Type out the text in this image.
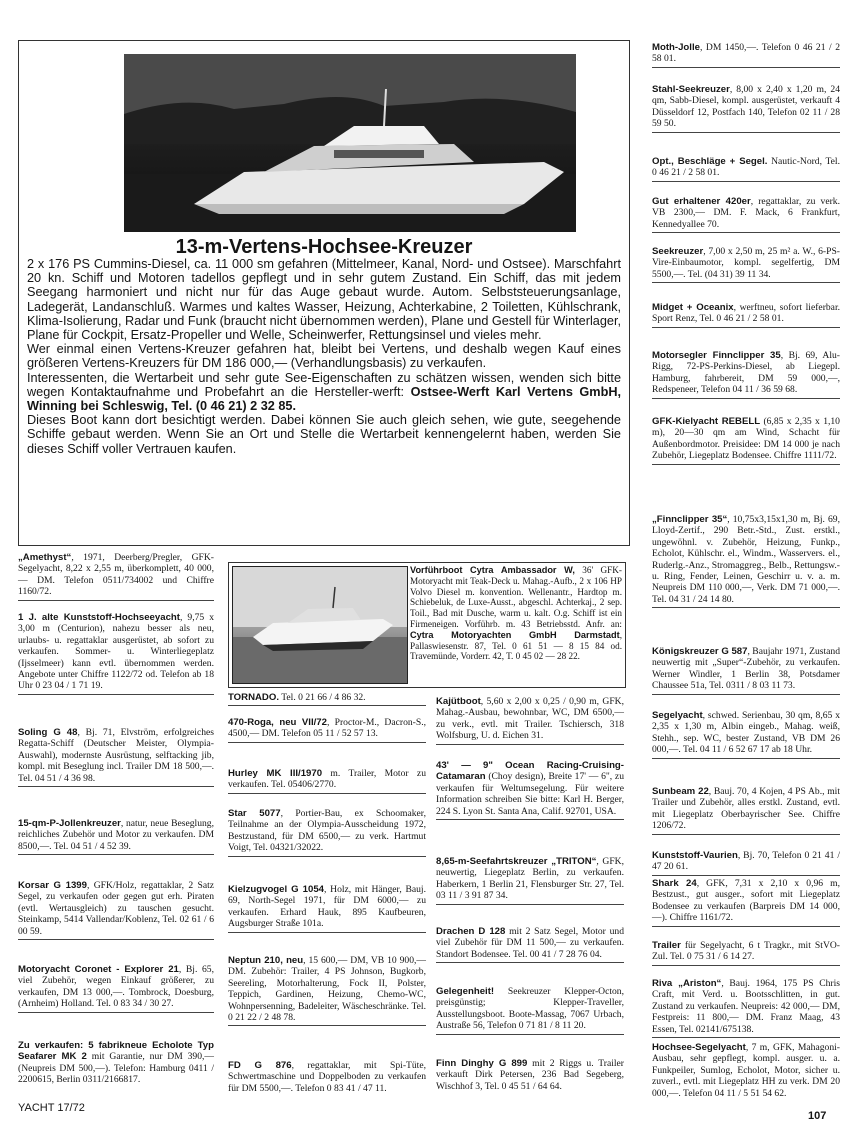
13-m-Vertens-Hochsee-Kreuzer

2 x 176 PS Cummins-Diesel, ca. 11 000 sm gefahren (Mittelmeer, Kanal, Nord- und Ostsee). Marschfahrt 20 kn. Schiff und Motoren tadellos gepflegt und in sehr gutem Zustand. Ein Schiff, das mit jedem Seegang harmoniert und nicht nur für das Auge gebaut wurde. Autom. Selbststeuerungsanlage, Ladegerät, Landanschluß. Warmes und kaltes Wasser, Heizung, Achterkabine, 2 Toiletten, Kühlschrank, Klima-Isolierung, Radar und Funk (braucht nicht übernommen werden), Plane und Gestell für Winterlager, Plane für Cockpit, Ersatz-Propeller und Welle, Scheinwerfer, Rettungsinsel und vieles mehr.

Wer einmal einen Vertens-Kreuzer gefahren hat, bleibt bei Vertens, und deshalb wegen Kauf eines größeren Vertens-Kreuzers für DM 186 000,— (Verhandlungsbasis) zu verkaufen.

Interessenten, die Wertarbeit und sehr gute See-Eigenschaften zu schätzen wissen, wenden sich bitte wegen Kontaktaufnahme und Probefahrt an die Hersteller-werft: Ostsee-Werft Karl Vertens GmbH, Winning bei Schleswig, Tel. (0 46 21) 2 32 85.

Dieses Boot kann dort besichtigt werden. Dabei können Sie auch gleich sehen, wie gute, seegehende Schiffe gebaut werden. Wenn Sie an Ort und Stelle die Wertarbeit kennengelernt haben, werden Sie dieses Schiff voller Vertrauen kaufen.

„Amethyst“, 1971, Deerberg/Pregler, GFK-Segelyacht, 8,22 x 2,55 m, überkomplett, 40 000,— DM. Telefon 0511/734002 und Chiffre 1160/72.
1 J. alte Kunststoff-Hochseeyacht, 9,75 x 3,00 m (Centurion), nahezu besser als neu, urlaubs- u. regattaklar ausgerüstet, ab sofort zu verkaufen. Sommer- u. Winterliegeplatz (Ijsselmeer) kann evtl. übernommen werden. Angebote unter Chiffre 1122/72 od. Telefon ab 18 Uhr 0 23 04 / 1 71 19.
Soling G 48, Bj. 71, Elvström, erfolgreiches Regatta-Schiff (Deutscher Meister, Olympia-Auswahl), modernste Ausrüstung, selftacking jib, kompl. mit Beseglung incl. Trailer DM 18 500,—. Tel. 04 51 / 4 36 98.
15-qm-P-Jollenkreuzer, natur, neue Beseglung, reichliches Zubehör und Motor zu verkaufen. DM 8500,—. Tel. 04 51 / 4 52 39.
Korsar G 1399, GFK/Holz, regattaklar, 2 Satz Segel, zu verkaufen oder gegen gut erh. Piraten (evtl. Wertausgleich) zu tauschen gesucht. Steinkamp, 5414 Vallendar/Koblenz, Tel. 02 61 / 6 00 59.
Motoryacht Coronet - Explorer 21, Bj. 65, viel Zubehör, wegen Einkauf größerer, zu verkaufen, DM 13 000,—. Tombrock, Doesburg, (Arnheim) Holland. Tel. 0 83 34 / 30 27.
Zu verkaufen: 5 fabrikneue Echolote Typ Seafarer MK 2 mit Garantie, nur DM 390,— (Neupreis DM 500,—). Telefon: Hamburg 0411 / 2200615, Berlin 0311/2166817.
Vorführboot Cytra Ambassador W, 36' GFK-Motoryacht mit Teak-Deck u. Mahag.-Aufb., 2 x 106 HP Volvo Diesel m. konvention. Wellenantr., Hardtop m. Schiebeluk, de Luxe-Ausst., abgeschl. Achterkaj., 2 sep. Toil., Bad mit Dusche, warm u. kalt. O.g. Schiff ist ein Firmeneigen. Vorführb. m. 43 Betriebsstd. Anfr. an: Cytra Motoryachten GmbH Darmstadt, Pallaswiesenstr. 87, Tel. 0 61 51 — 8 15 84 od. Travemünde, Vorderr. 42, T. 0 45 02 — 28 22.
TORNADO. Tel. 0 21 66 / 4 86 32.
470-Roga, neu VII/72, Proctor-M., Dacron-S., 4500,— DM. Telefon 05 11 / 52 57 13.
Hurley MK III/1970 m. Trailer, Motor zu verkaufen. Tel. 05406/2770.
Star 5077, Portier-Bau, ex Schoomaker, Teilnahme an der Olympia-Ausscheidung 1972, Bestzustand, für DM 6500,— zu verk. Hartmut Voigt, Tel. 04321/32022.
Kielzugvogel G 1054, Holz, mit Hänger, Bauj. 69, North-Segel 1971, für DM 6000,— zu verkaufen. Erhard Hauk, 895 Kaufbeuren, Augsburger Straße 101a.
Neptun 210, neu, 15 600,— DM, VB 10 900,— DM. Zubehör: Trailer, 4 PS Johnson, Bugkorb, Seereling, Motorhalterung, Fock II, Polster, Teppich, Gardinen, Heizung, Chemo-WC, Wohnpersenning, Badeleiter, Wäscheschränke. Tel. 0 21 22 / 2 48 78.
FD G 876, regattaklar, mit Spi-Tüte, Schwertmaschine und Doppelboden zu verkaufen für DM 5500,—. Telefon 0 83 41 / 47 11.
Kajütboot, 5,60 x 2,00 x 0,25 / 0,90 m, GFK, Mahag.-Ausbau, bewohnbar, WC, DM 6500,— zu verk., evtl. mit Trailer. Tschiersch, 318 Wolfsburg, U. d. Eichen 31.
43' — 9" Ocean Racing-Cruising-Catamaran (Choy design), Breite 17' — 6", zu verkaufen für Weltumsegelung. Für weitere Information schreiben Sie bitte: Karl H. Berger, 224 S. Lyon St. Santa Ana, Calif. 92701, USA.
8,65-m-Seefahrtskreuzer „TRITON“, GFK, neuwertig, Liegeplatz Berlin, zu verkaufen. Haberkern, 1 Berlin 21, Flensburger Str. 27, Tel. 03 11 / 3 91 87 34.
Drachen D 128 mit 2 Satz Segel, Motor und viel Zubehör für DM 11 500,— zu verkaufen. Standort Bodensee. Tel. 00 41 / 7 28 76 04.
Gelegenheit! Seekreuzer Klepper-Octon, preisgünstig; Klepper-Traveller, Ausstellungsboot. Boote-Massag, 7067 Urbach, Austraße 56, Telefon 0 71 81 / 8 11 20.
Finn Dinghy G 899 mit 2 Riggs u. Trailer verkauft Dirk Petersen, 236 Bad Segeberg, Wischhof 3, Tel. 0 45 51 / 64 64.
Moth-Jolle, DM 1450,—. Telefon 0 46 21 / 2 58 01.
Stahl-Seekreuzer, 8,00 x 2,40 x 1,20 m, 24 qm, Sabb-Diesel, kompl. ausgerüstet, verkauft 4 Düsseldorf 12, Postfach 140, Telefon 02 11 / 28 59 50.
Opt., Beschläge + Segel. Nautic-Nord, Tel. 0 46 21 / 2 58 01.
Gut erhaltener 420er, regattaklar, zu verk. VB 2300,— DM. F. Mack, 6 Frankfurt, Kennedyallee 70.
Seekreuzer, 7,00 x 2,50 m, 25 m² a. W., 6-PS-Vire-Einbaumotor, kompl. segelfertig, DM 5500,—. Tel. (04 31) 39 11 34.
Midget + Oceanix, werftneu, sofort lieferbar. Sport Renz, Tel. 0 46 21 / 2 58 01.
Motorsegler Finnclipper 35, Bj. 69, Alu-Rigg, 72-PS-Perkins-Diesel, ab Liegepl. Hamburg, fahrbereit, DM 59 000,—, Redspeneer, Telefon 04 11 / 36 59 68.
GFK-Kielyacht REBELL (6,85 x 2,35 x 1,10 m), 20—30 qm am Wind, Schacht für Außenbordmotor. Preisidee: DM 14 000 je nach Zubehör, Liegeplatz Bodensee. Chiffre 1111/72.
„Finnclipper 35“, 10,75x3,15x1,30 m, Bj. 69, Lloyd-Zertif., 290 Betr.-Std., Zust. erstkl., ungewöhnl. v. Zubehör, Heizung, Funkp., Echolot, Kühlschr. el., Windm., Wasservers. el., Ruderlg.-Anz., Stromaggreg., Belb., Rettungsw.-u. Ring, Fender, Leinen, Geschirr u. v. a. m. Neupreis DM 110 000,—, Verk. DM 71 000,—. Tel. 04 31 / 24 14 80.
Königskreuzer G 587, Baujahr 1971, Zustand neuwertig mit „Super“-Zubehör, zu verkaufen. Werner Windler, 1 Berlin 38, Potsdamer Chaussee 51a, Tel. 0311 / 8 03 11 73.
Segelyacht, schwed. Serienbau, 30 qm, 8,65 x 2,35 x 1,30 m, Albin eingeb., Mahag. weiß, Stehh., sep. WC, bester Zustand, VB DM 26 000,—. Tel. 04 11 / 6 52 67 17 ab 18 Uhr.
Sunbeam 22, Bauj. 70, 4 Kojen, 4 PS Ab., mit Trailer und Zubehör, alles erstkl. Zustand, evtl. mit Liegeplatz Oberbayrischer See. Chiffre 1206/72.
Kunststoff-Vaurien, Bj. 70, Telefon 0 21 41 / 47 20 61.
Shark 24, GFK, 7,31 x 2,10 x 0,96 m, Bestzust., gut ausger., sofort mit Liegeplatz Bodensee zu verkaufen (Barpreis DM 14 000,—). Chiffre 1161/72.
Trailer für Segelyacht, 6 t Tragkr., mit StVO-Zul. Tel. 0 75 31 / 6 14 27.
Riva „Ariston“, Bauj. 1964, 175 PS Chris Craft, mit Verd. u. Bootsschlitten, in gut. Zustand zu verkaufen. Neupreis: 42 000,— DM, Festpreis: 11 800,— DM. Franz Maag, 43 Essen, Tel. 02141/675138.
Hochsee-Segelyacht, 7 m, GFK, Mahagoni-Ausbau, sehr gepflegt, kompl. ausger. u. a. Funkpeiler, Sumlog, Echolot, Motor, sicher u. zuverl., evtl. mit Liegeplatz HH zu verk. DM 20 000,—. Telefon 04 11 / 5 51 54 62.
YACHT 17/72
107
